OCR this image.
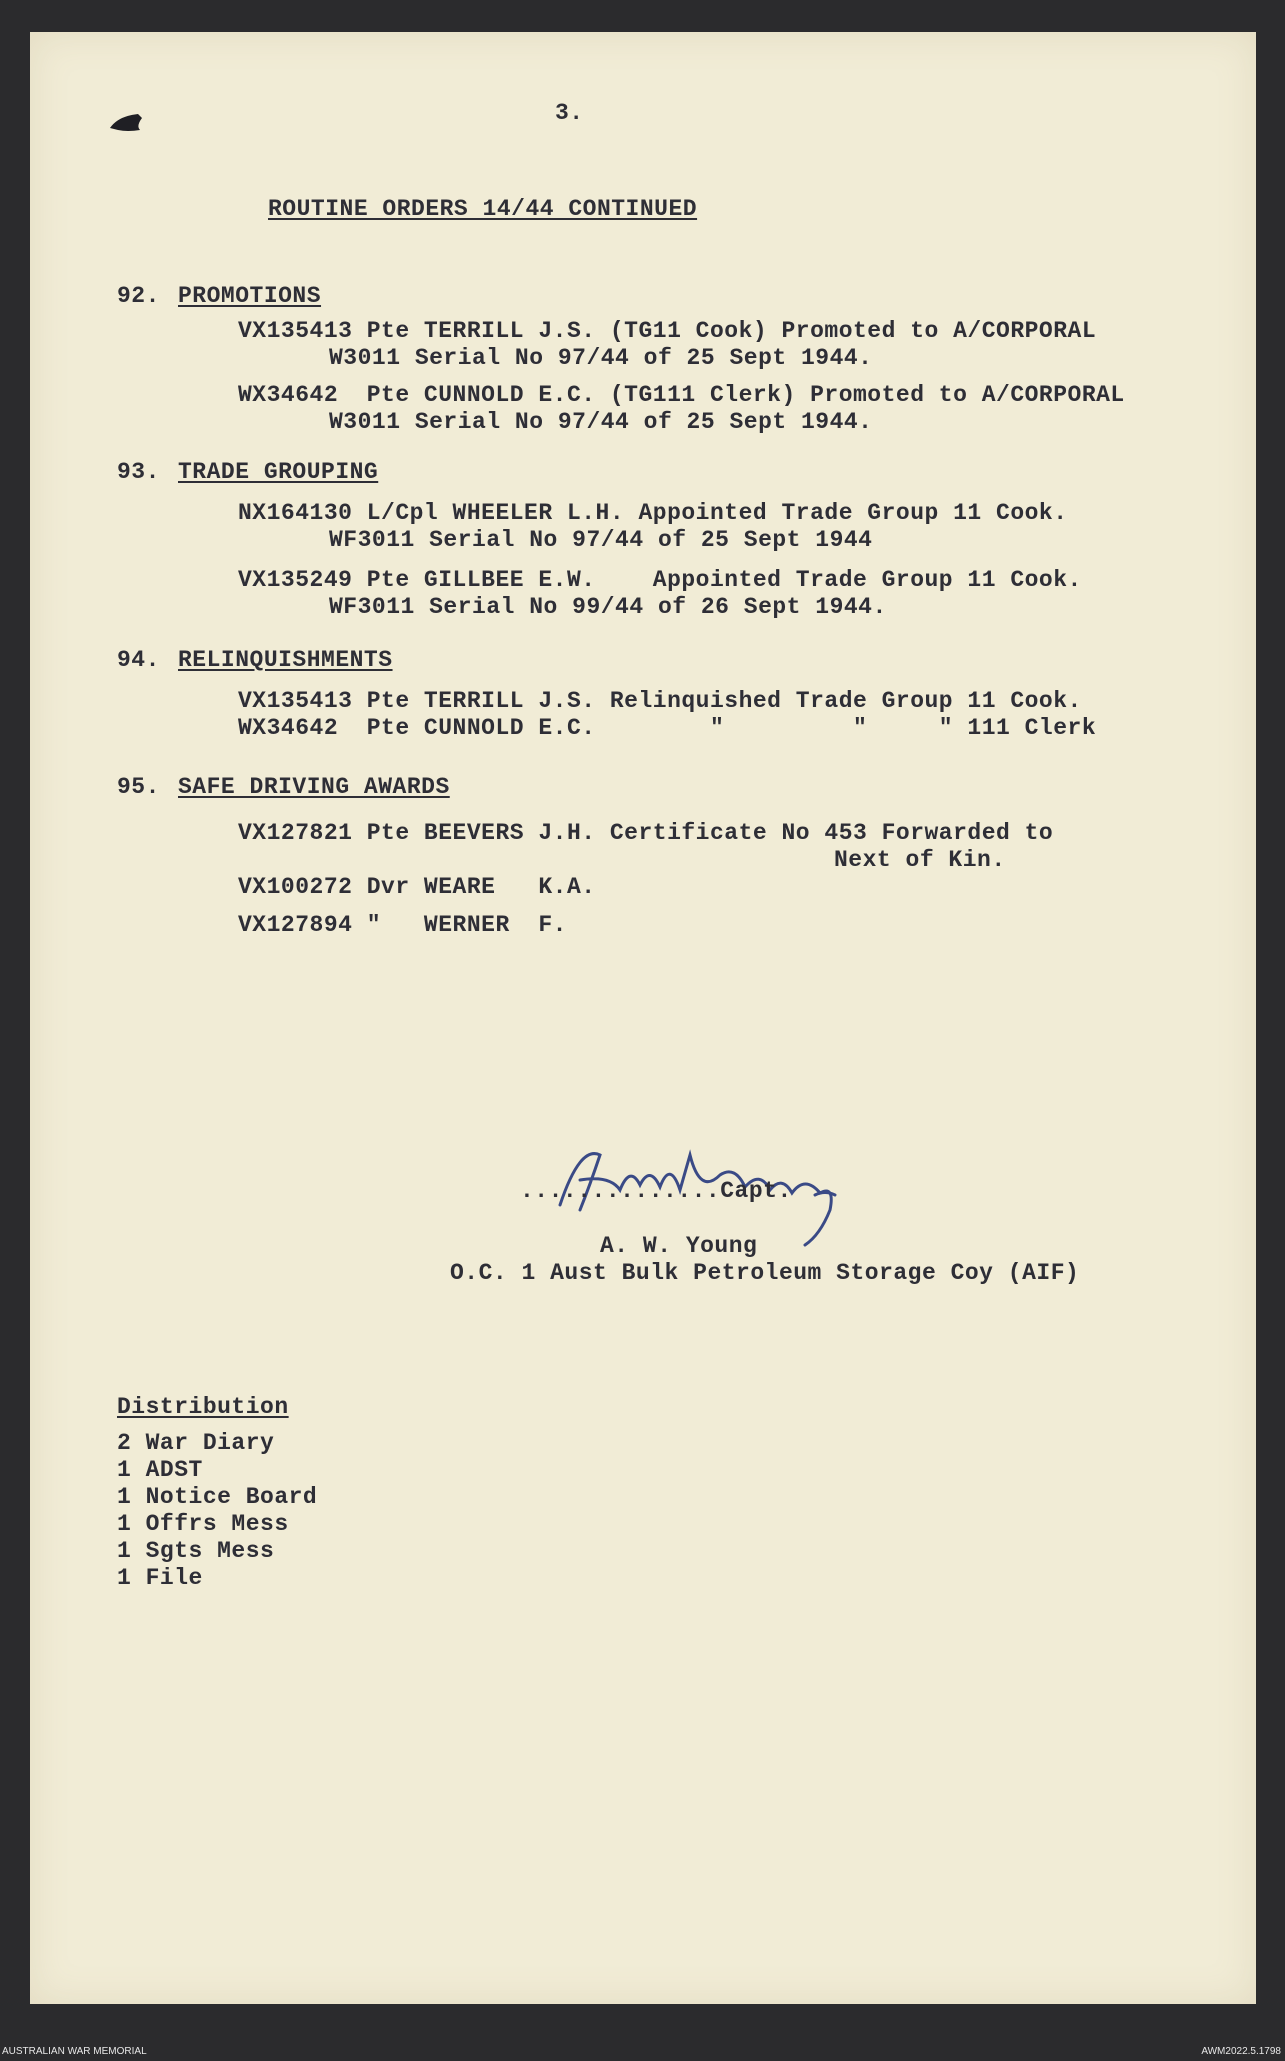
3.
ROUTINE ORDERS 14/44 CONTINUED
92. PROMOTIONS
VX135413 Pte TERRILL J.S. (TG11 Cook) Promoted to A/CORPORAL
W3011 Serial No 97/44 of 25 Sept 1944.
WX34642  Pte CUNNOLD E.C. (TG111 Clerk) Promoted to A/CORPORAL
W3011 Serial No 97/44 of 25 Sept 1944.
93. TRADE GROUPING
NX164130 L/Cpl WHEELER L.H. Appointed Trade Group 11 Cook.
WF3011 Serial No 97/44 of 25 Sept 1944
VX135249 Pte GILLBEE E.W.    Appointed Trade Group 11 Cook.
WF3011 Serial No 99/44 of 26 Sept 1944.
94. RELINQUISHMENTS
VX135413 Pte TERRILL J.S. Relinquished Trade Group 11 Cook.
WX34642  Pte CUNNOLD E.C.        "         "     " 111 Clerk
95. SAFE DRIVING AWARDS
VX127821 Pte BEEVERS J.H. Certificate No 453 Forwarded to
Next of Kin.
VX100272 Dvr WEARE   K.A.
VX127894 "   WERNER  F.
..............Capt.
A. W. Young
O.C. 1 Aust Bulk Petroleum Storage Coy (AIF)
Distribution
2 War Diary
1 ADST
1 Notice Board
1 Offrs Mess
1 Sgts Mess
1 File
AUSTRALIAN WAR MEMORIAL	AWM2022.5.1798
